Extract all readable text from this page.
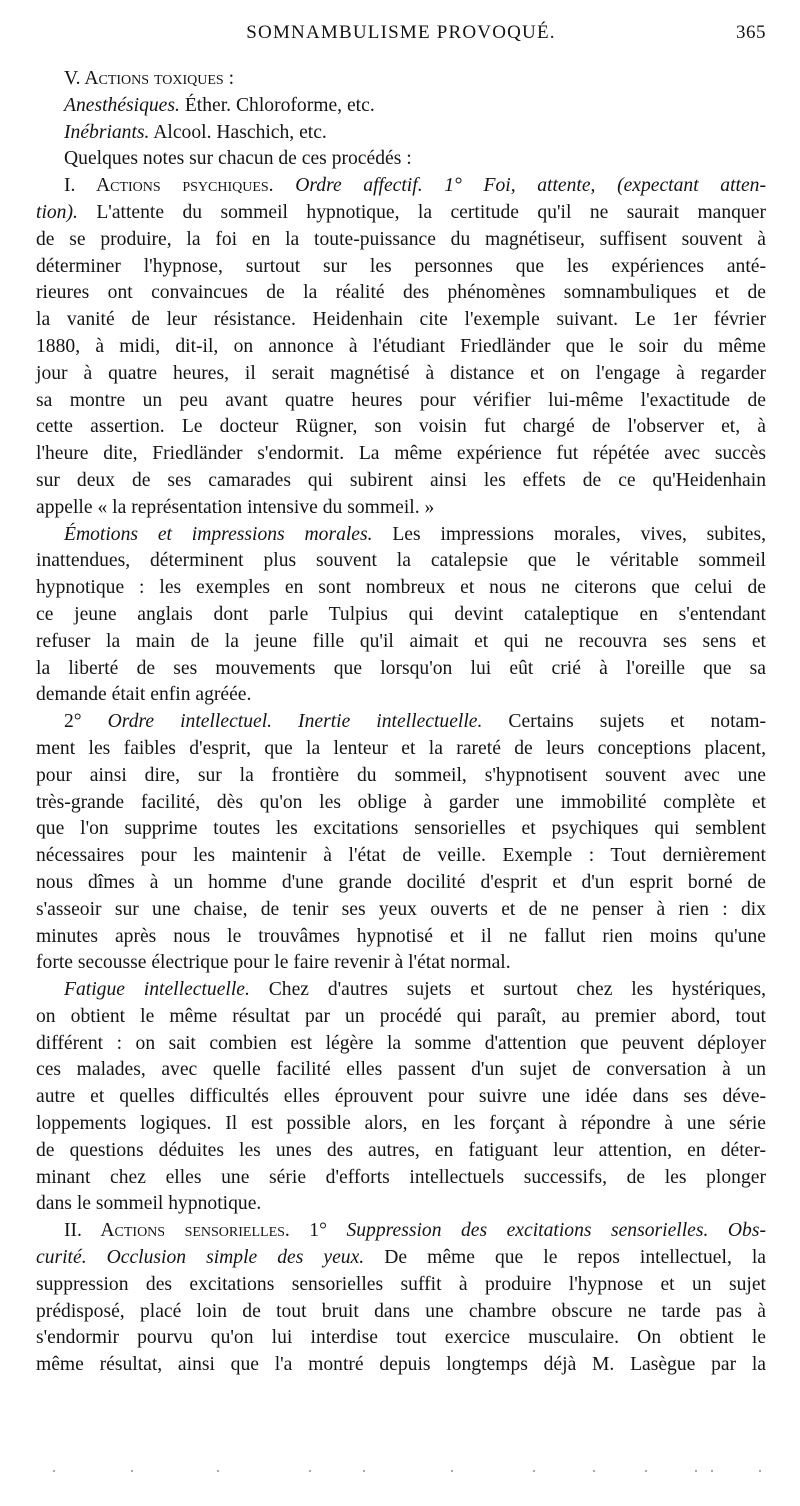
SOMNAMBULISME PROVOQUÉ.	365
V. Actions toxiques :
Anesthésiques. Éther. Chloroforme, etc.
Inébriants. Alcool. Haschich, etc.
Quelques notes sur chacun de ces procédés :
I. Actions psychiques. Ordre affectif. 1° Foi, attente, (expectant atten-
tion). L'attente du sommeil hypnotique, la certitude qu'il ne saurait manquer
de se produire, la foi en la toute-puissance du magnétiseur, suffisent souvent à
déterminer l'hypnose, surtout sur les personnes que les expériences anté-
rieures ont convaincues de la réalité des phénomènes somnambuliques et de
la vanité de leur résistance. Heidenhain cite l'exemple suivant. Le 1er février
1880, à midi, dit-il, on annonce à l'étudiant Friedländer que le soir du même
jour à quatre heures, il serait magnétisé à distance et on l'engage à regarder
sa montre un peu avant quatre heures pour vérifier lui-même l'exactitude de
cette assertion. Le docteur Rügner, son voisin fut chargé de l'observer et, à
l'heure dite, Friedländer s'endormit. La même expérience fut répétée avec succès
sur deux de ses camarades qui subirent ainsi les effets de ce qu'Heidenhain
appelle « la représentation intensive du sommeil. »
Émotions et impressions morales. Les impressions morales, vives, subites,
inattendues, déterminent plus souvent la catalepsie que le véritable sommeil
hypnotique : les exemples en sont nombreux et nous ne citerons que celui de
ce jeune anglais dont parle Tulpius qui devint cataleptique en s'entendant
refuser la main de la jeune fille qu'il aimait et qui ne recouvra ses sens et
la liberté de ses mouvements que lorsqu'on lui eût crié à l'oreille que sa
demande était enfin agréée.
2° Ordre intellectuel. Inertie intellectuelle. Certains sujets et notam-
ment les faibles d'esprit, que la lenteur et la rareté de leurs conceptions placent,
pour ainsi dire, sur la frontière du sommeil, s'hypnotisent souvent avec une
très-grande facilité, dès qu'on les oblige à garder une immobilité complète et
que l'on supprime toutes les excitations sensorielles et psychiques qui semblent
nécessaires pour les maintenir à l'état de veille. Exemple : Tout dernièrement
nous dîmes à un homme d'une grande docilité d'esprit et d'un esprit borné de
s'asseoir sur une chaise, de tenir ses yeux ouverts et de ne penser à rien : dix
minutes après nous le trouvâmes hypnotisé et il ne fallut rien moins qu'une
forte secousse électrique pour le faire revenir à l'état normal.
Fatigue intellectuelle. Chez d'autres sujets et surtout chez les hystériques,
on obtient le même résultat par un procédé qui paraît, au premier abord, tout
différent : on sait combien est légère la somme d'attention que peuvent déployer
ces malades, avec quelle facilité elles passent d'un sujet de conversation à un
autre et quelles difficultés elles éprouvent pour suivre une idée dans ses déve-
loppements logiques. Il est possible alors, en les forçant à répondre à une série
de questions déduites les unes des autres, en fatiguant leur attention, en déter-
minant chez elles une série d'efforts intellectuels successifs, de les plonger
dans le sommeil hypnotique.
II. Actions sensorielles. 1° Suppression des excitations sensorielles. Obs-
curité. Occlusion simple des yeux. De même que le repos intellectuel, la
suppression des excitations sensorielles suffit à produire l'hypnose et un sujet
prédisposé, placé loin de tout bruit dans une chambre obscure ne tarde pas à
s'endormir pourvu qu'on lui interdise tout exercice musculaire. On obtient le
même résultat, ainsi que l'a montré depuis longtemps déjà M. Lasègue par la
